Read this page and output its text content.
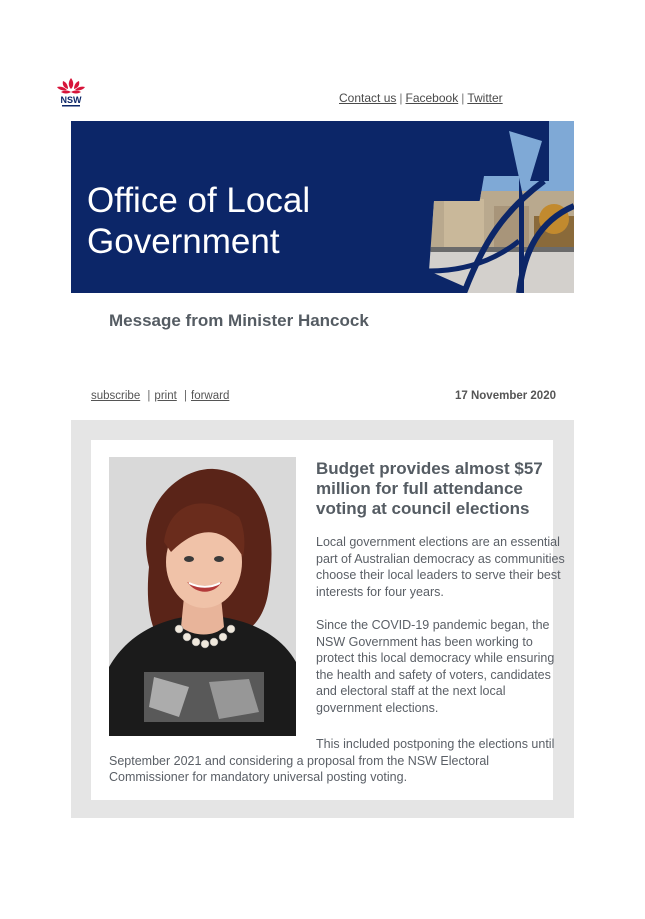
NSW	Contact us | Facebook | Twitter
Office of Local
Government
Message from Minister Hancock
subscribe | print | forward	17 November 2020
Budget provides almost $57 million for full attendance voting at council elections

Local government elections are an essential part of Australian democracy as communities choose their local leaders to serve their best interests for four years.

Since the COVID-19 pandemic began, the NSW Government has been working to protect this local democracy while ensuring the health and safety of voters, candidates and electoral staff at the next local government elections.

This included postponing the elections until September 2021 and considering a proposal from the NSW Electoral Commissioner for mandatory universal posting voting.
